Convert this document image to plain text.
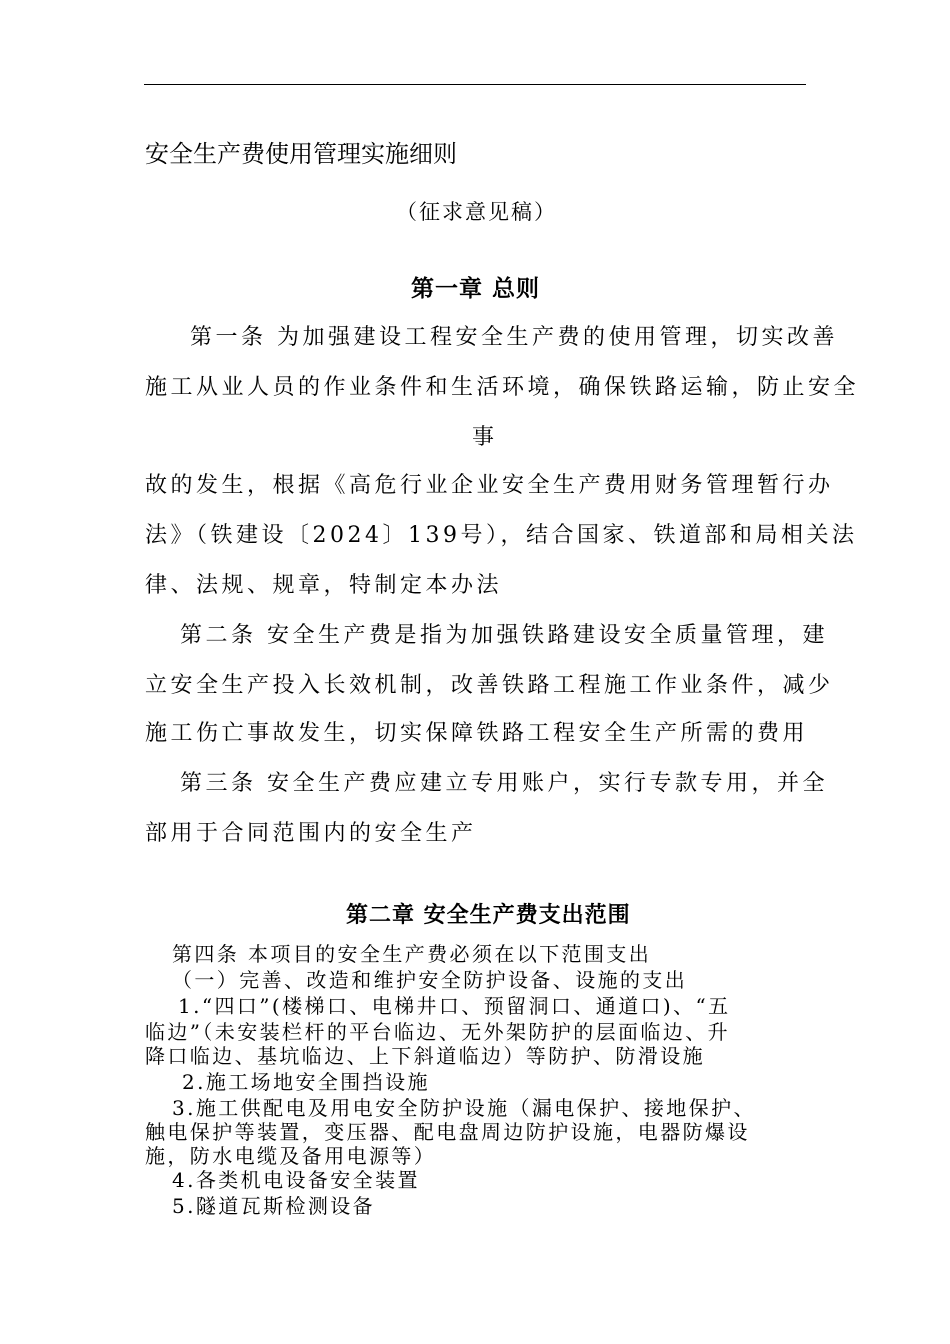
安全生产费使用管理实施细则
（征求意见稿）
第一章 总则
第一条 为加强建设工程安全生产费的使用管理，切实改善
施工从业人员的作业条件和生活环境，确保铁路运输，防止安全
事
故的发生，根据《高危行业企业安全生产费用财务管理暂行办
法》（铁建设〔2024〕139号），结合国家、铁道部和局相关法
律、法规、规章，特制定本办法
第二条 安全生产费是指为加强铁路建设安全质量管理，建
立安全生产投入长效机制，改善铁路工程施工作业条件，减少
施工伤亡事故发生，切实保障铁路工程安全生产所需的费用
第三条 安全生产费应建立专用账户，实行专款专用，并全
部用于合同范围内的安全生产
第二章 安全生产费支出范围
第四条 本项目的安全生产费必须在以下范围支出
（一）完善、改造和维护安全防护设备、设施的支出
1.“四口”(楼梯口、电梯井口、预留洞口、通道口)、“五
临边”（未安装栏杆的平台临边、无外架防护的层面临边、升
降口临边、基坑临边、上下斜道临边）等防护、防滑设施
2.施工场地安全围挡设施
3.施工供配电及用电安全防护设施（漏电保护、接地保护、
触电保护等装置，变压器、配电盘周边防护设施，电器防爆设
施，防水电缆及备用电源等）
4.各类机电设备安全装置
5.隧道瓦斯检测设备
